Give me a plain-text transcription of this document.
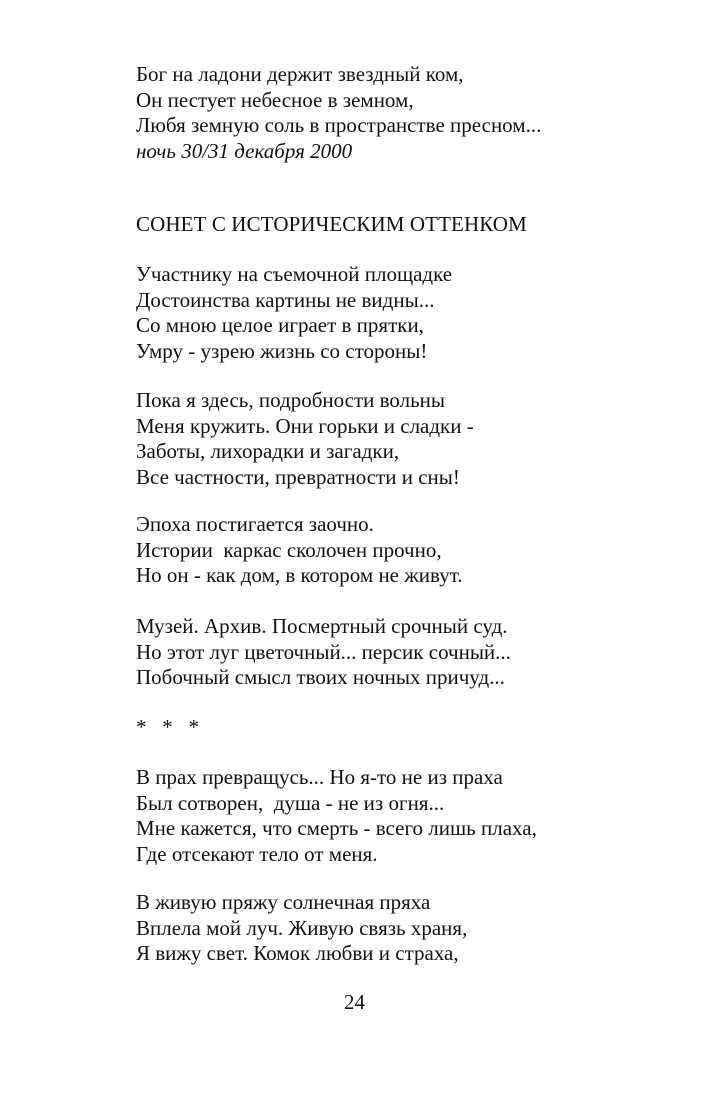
Бог на ладони держит звездный ком,
Он пестует небесное в земном,
Любя земную соль в пространстве пресном...
ночь 30/31 декабря 2000
СОНЕТ С ИСТОРИЧЕСКИМ ОТТЕНКОМ
Участнику на съемочной площадке
Достоинства картины не видны...
Со мною целое играет в прятки,
Умру - узрею жизнь со стороны!
Пока я здесь, подробности вольны
Меня кружить. Они горьки и сладки -
Заботы, лихорадки и загадки,
Все частности, превратности и сны!
Эпоха постигается заочно.
Истории  каркас сколочен прочно,
Но он - как дом, в котором не живут.
Музей. Архив. Посмертный срочный суд.
Но этот луг цветочный... персик сочный...
Побочный смысл твоих ночных причуд...
*   *   *
В прах превращусь... Но я-то не из праха
Был сотворен,  душа - не из огня...
Мне кажется, что смерть - всего лишь плаха,
Где отсекают тело от меня.
В живую пряжу солнечная пряха
Вплела мой луч. Живую связь храня,
Я вижу свет. Комок любви и страха,
24
